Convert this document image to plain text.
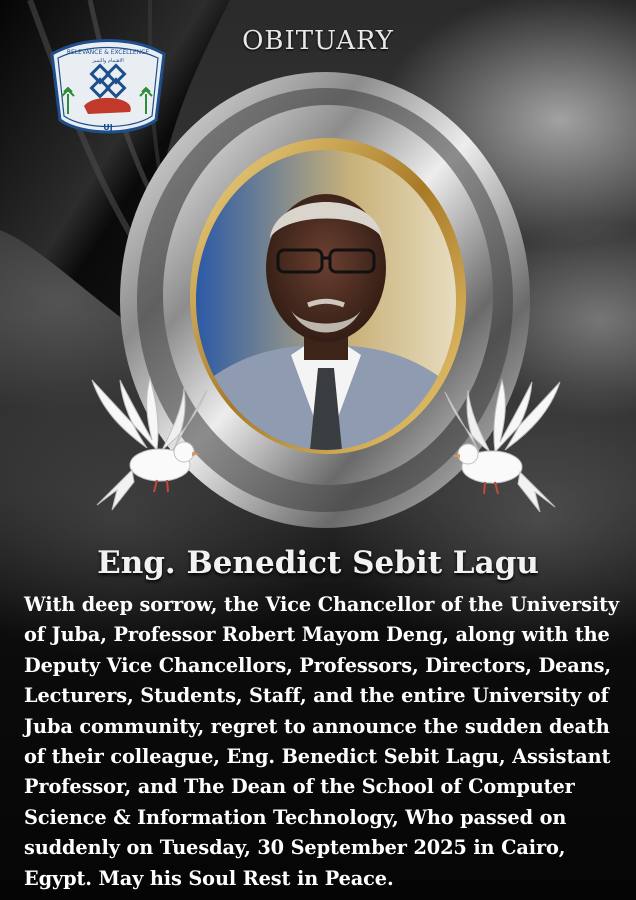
RELEVANCE & EXCELLENCE
الاهتمام والتميز
UJ
OBITUARY
Eng. Benedict Sebit Lagu

With deep sorrow, the Vice Chancellor of the University of Juba, Professor Robert Mayom Deng, along with the Deputy Vice Chancellors, Professors, Directors, Deans, Lecturers, Students, Staff, and the entire University of Juba community, regret to announce the sudden death of their colleague, Eng. Benedict Sebit Lagu, Assistant Professor, and The Dean of the School of Computer Science & Information Technology, Who passed on suddenly on Tuesday, 30 September 2025 in Cairo, Egypt. May his Soul Rest in Peace.
